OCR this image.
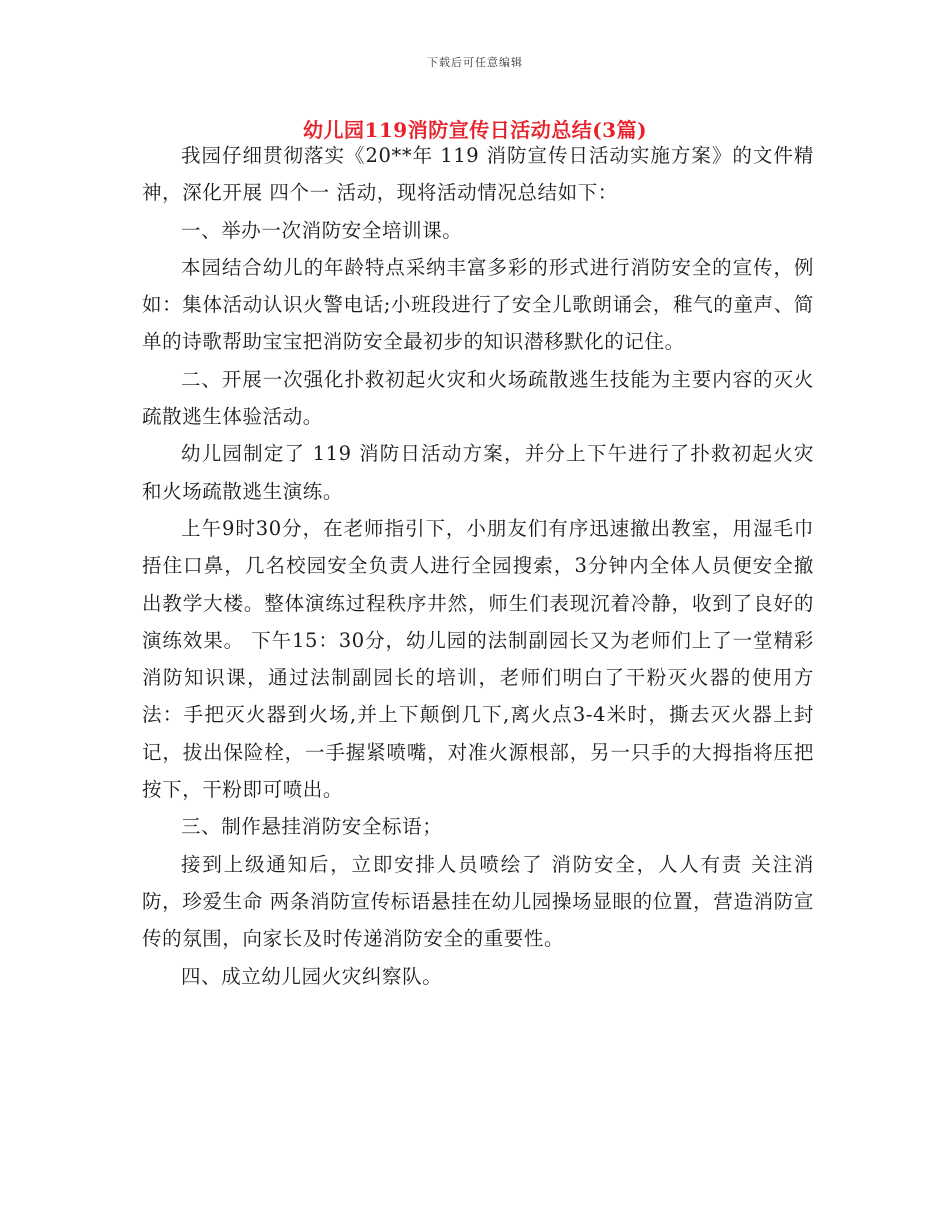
下载后可任意编辑
幼儿园119消防宣传日活动总结(3篇)

我园仔细贯彻落实《20**年 119 消防宣传日活动实施方案》的文件精神，深化开展 四个一 活动，现将活动情况总结如下：

一、举办一次消防安全培训课。

本园结合幼儿的年龄特点采纳丰富多彩的形式进行消防安全的宣传，例如：集体活动认识火警电话;小班段进行了安全儿歌朗诵会，稚气的童声、简单的诗歌帮助宝宝把消防安全最初步的知识潜移默化的记住。

二、开展一次强化扑救初起火灾和火场疏散逃生技能为主要内容的灭火疏散逃生体验活动。

幼儿园制定了 119 消防日活动方案，并分上下午进行了扑救初起火灾和火场疏散逃生演练。

上午9时30分，在老师指引下，小朋友们有序迅速撤出教室，用湿毛巾捂住口鼻，几名校园安全负责人进行全园搜索，3分钟内全体人员便安全撤出教学大楼。整体演练过程秩序井然，师生们表现沉着冷静，收到了良好的演练效果。 下午15：30分，幼儿园的法制副园长又为老师们上了一堂精彩消防知识课，通过法制副园长的培训，老师们明白了干粉灭火器的使用方法：手把灭火器到火场,并上下颠倒几下,离火点3-4米时，撕去灭火器上封记，拔出保险栓，一手握紧喷嘴，对准火源根部，另一只手的大拇指将压把按下，干粉即可喷出。

三、制作悬挂消防安全标语；

接到上级通知后，立即安排人员喷绘了 消防安全，人人有责 关注消防，珍爱生命 两条消防宣传标语悬挂在幼儿园操场显眼的位置，营造消防宣传的氛围，向家长及时传递消防安全的重要性。

四、成立幼儿园火灾纠察队。
